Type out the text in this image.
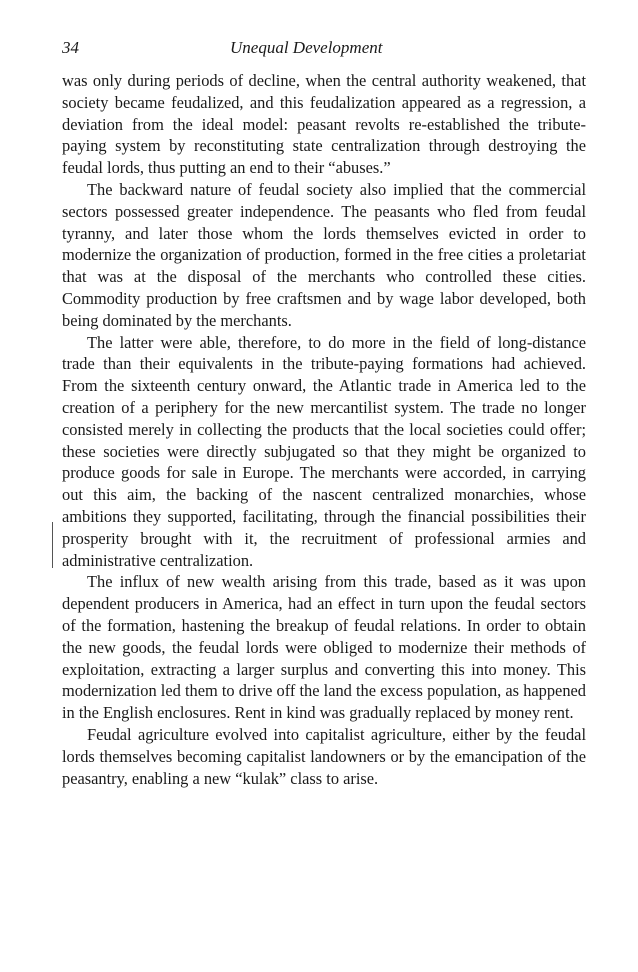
34	Unequal Development

was only during periods of decline, when the central authority weakened, that society became feudalized, and this feudalization appeared as a regression, a deviation from the ideal model: peasant revolts re-established the tribute-paying system by reconstituting state centralization through destroying the feudal lords, thus putting an end to their “abuses.”

The backward nature of feudal society also implied that the commercial sectors possessed greater independence. The peasants who fled from feudal tyranny, and later those whom the lords themselves evicted in order to modernize the organization of production, formed in the free cities a proletariat that was at the disposal of the merchants who controlled these cities. Commodity production by free craftsmen and by wage labor developed, both being dominated by the merchants.

The latter were able, therefore, to do more in the field of long-distance trade than their equivalents in the tribute-paying formations had achieved. From the sixteenth century onward, the Atlantic trade in America led to the creation of a periphery for the new mercantilist system. The trade no longer consisted merely in collecting the products that the local societies could offer; these societies were directly subjugated so that they might be organized to produce goods for sale in Europe. The merchants were accorded, in carrying out this aim, the backing of the nascent centralized monarchies, whose ambitions they supported, facilitating, through the financial possibilities their prosperity brought with it, the recruitment of professional armies and administrative centralization.

The influx of new wealth arising from this trade, based as it was upon dependent producers in America, had an effect in turn upon the feudal sectors of the formation, hastening the breakup of feudal relations. In order to obtain the new goods, the feudal lords were obliged to modernize their methods of exploitation, extracting a larger surplus and converting this into money. This modernization led them to drive off the land the excess population, as happened in the English enclosures. Rent in kind was gradually replaced by money rent.

Feudal agriculture evolved into capitalist agriculture, either by the feudal lords themselves becoming capitalist landowners or by the emancipation of the peasantry, enabling a new “kulak” class to arise.
